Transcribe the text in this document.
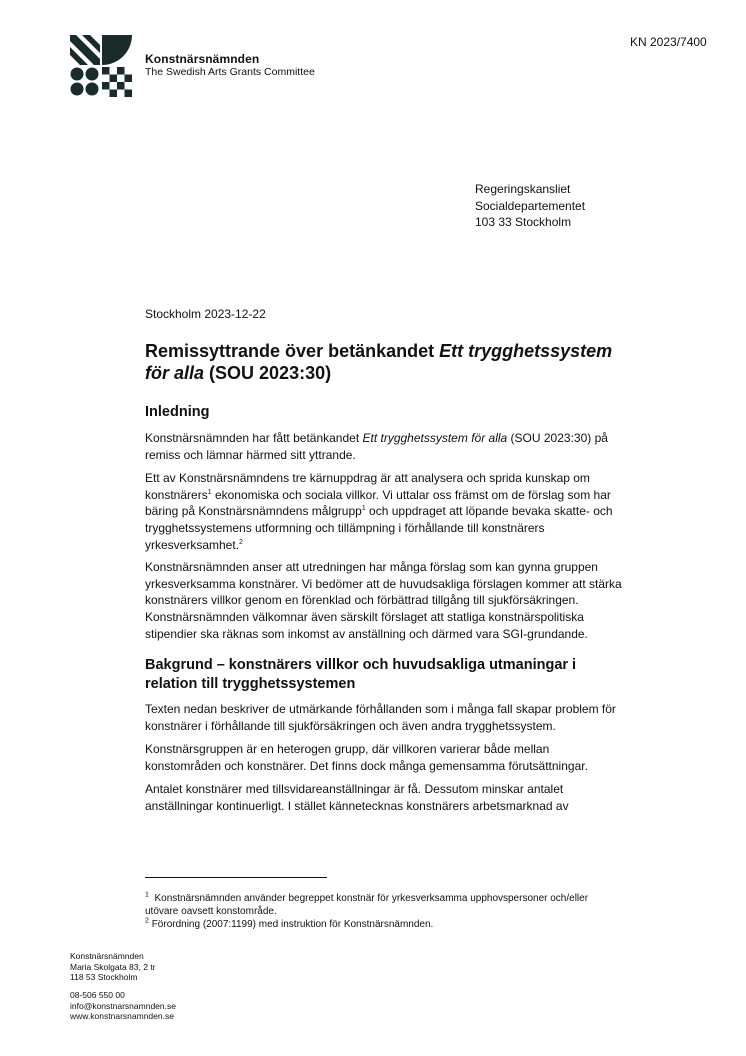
KN 2023/7400
Konstnärsnämnden
The Swedish Arts Grants Committee
Regeringskansliet
Socialdepartementet
103 33 Stockholm
Stockholm 2023-12-22
Remissyttrande över betänkandet Ett trygghetssystem för alla (SOU 2023:30)
Inledning

Konstnärsnämnden har fått betänkandet Ett trygghetssystem för alla (SOU 2023:30) på remiss och lämnar härmed sitt yttrande.

Ett av Konstnärsnämndens tre kärnuppdrag är att analysera och sprida kunskap om konstnärers$^1$ ekonomiska och sociala villkor. Vi uttalar oss främst om de förslag som har bäring på Konstnärsnämndens målgrupp$^1$ och uppdraget att löpande bevaka skatte- och trygghetssystemens utformning och tillämpning i förhållande till konstnärers yrkesverksamhet.$^2$

Konstnärsnämnden anser att utredningen har många förslag som kan gynna gruppen yrkesverksamma konstnärer. Vi bedömer att de huvudsakliga förslagen kommer att stärka konstnärers villkor genom en förenklad och förbättrad tillgång till sjukförsäkringen. Konstnärsnämnden välkomnar även särskilt förslaget att statliga konstnärspolitiska stipendier ska räknas som inkomst av anställning och därmed vara SGI-grundande.

Bakgrund – konstnärers villkor och huvudsakliga utmaningar i relation till trygghetssystemen

Texten nedan beskriver de utmärkande förhållanden som i många fall skapar problem för konstnärer i förhållande till sjukförsäkringen och även andra trygghetssystem.

Konstnärsgruppen är en heterogen grupp, där villkoren varierar både mellan konstområden och konstnärer. Det finns dock många gemensamma förutsättningar.

Antalet konstnärer med tillsvidareanställningar är få. Dessutom minskar antalet anställningar kontinuerligt. I stället kännetecknas konstnärers arbetsmarknad av

$^1$ Konstnärsnämnden använder begreppet konstnär för yrkesverksamma upphovspersoner och/eller utövare oavsett konstområde.
$^2$ Förordning (2007:1199) med instruktion för Konstnärsnämnden.
Konstnärsnämnden
Maria Skolgata 83, 2 tr
118 53 Stockholm
08-506 550 00
info@konstnarsnamnden.se
www.konstnarsnamnden.se
